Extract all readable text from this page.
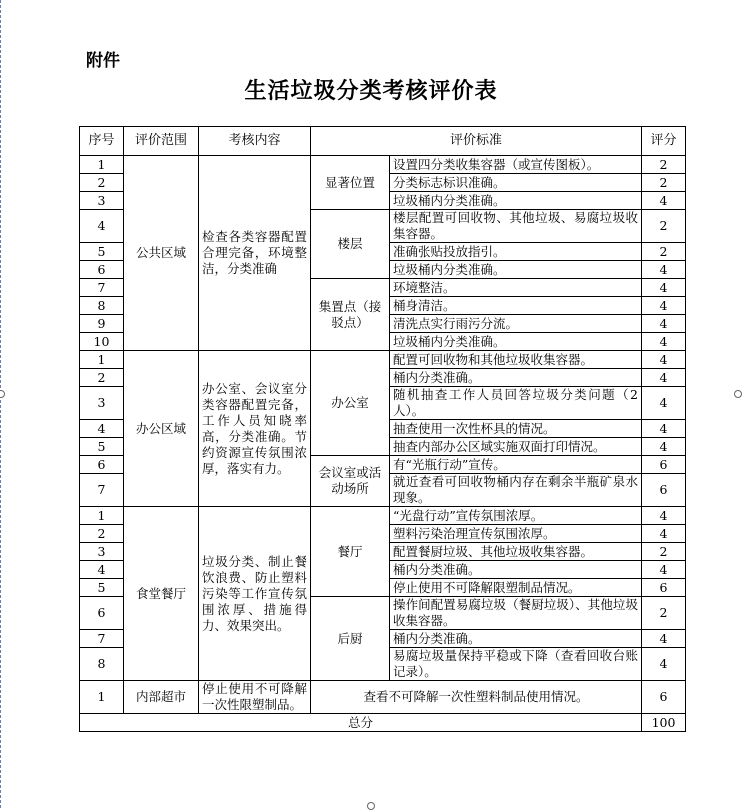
附件
生活垃圾分类考核评价表
序号	评价范围	考核内容	评价标准		评分
1	公共区域	检查各类容器配置合理完备，环境整洁，分类准确	显著位置	设置四分类收集容器（或宣传图板）。	2
2				分类标志标识准确。	2
3				垃圾桶内分类准确。	4
4			楼层	楼层配置可回收物、其他垃圾、易腐垃圾收集容器。	2
5				准确张贴投放指引。	2
6				垃圾桶内分类准确。	4
7			集置点（接驳点）	环境整洁。	4
8				桶身清洁。	4
9				清洗点实行雨污分流。	4
10				垃圾桶内分类准确。	4
1	办公区域	办公室、会议室分类容器配置完备，工作人员知晓率高，分类准确。节约资源宣传氛围浓厚，落实有力。	办公室	配置可回收物和其他垃圾收集容器。	4
2				桶内分类准确。	4
3				随机抽查工作人员回答垃圾分类问题（2人）。	4
4				抽查使用一次性杯具的情况。	4
5				抽查内部办公区域实施双面打印情况。	4
6			会议室或活动场所	有“光瓶行动”宣传。	6
7				就近查看可回收物桶内存在剩余半瓶矿泉水现象。	6
1	食堂餐厅	垃圾分类、制止餐饮浪费、防止塑料污染等工作宣传氛围浓厚、措施得力、效果突出。	餐厅	“光盘行动”宣传氛围浓厚。	4
2				塑料污染治理宣传氛围浓厚。	4
3				配置餐厨垃圾、其他垃圾收集容器。	2
4				桶内分类准确。	4
5				停止使用不可降解限塑制品情况。	6
6			后厨	操作间配置易腐垃圾（餐厨垃圾）、其他垃圾收集容器。	2
7				桶内分类准确。	4
8				易腐垃圾量保持平稳或下降（查看回收台账记录）。	4
1	内部超市	停止使用不可降解一次性限塑制品。	查看不可降解一次性塑料制品使用情况。		6
总分					100
